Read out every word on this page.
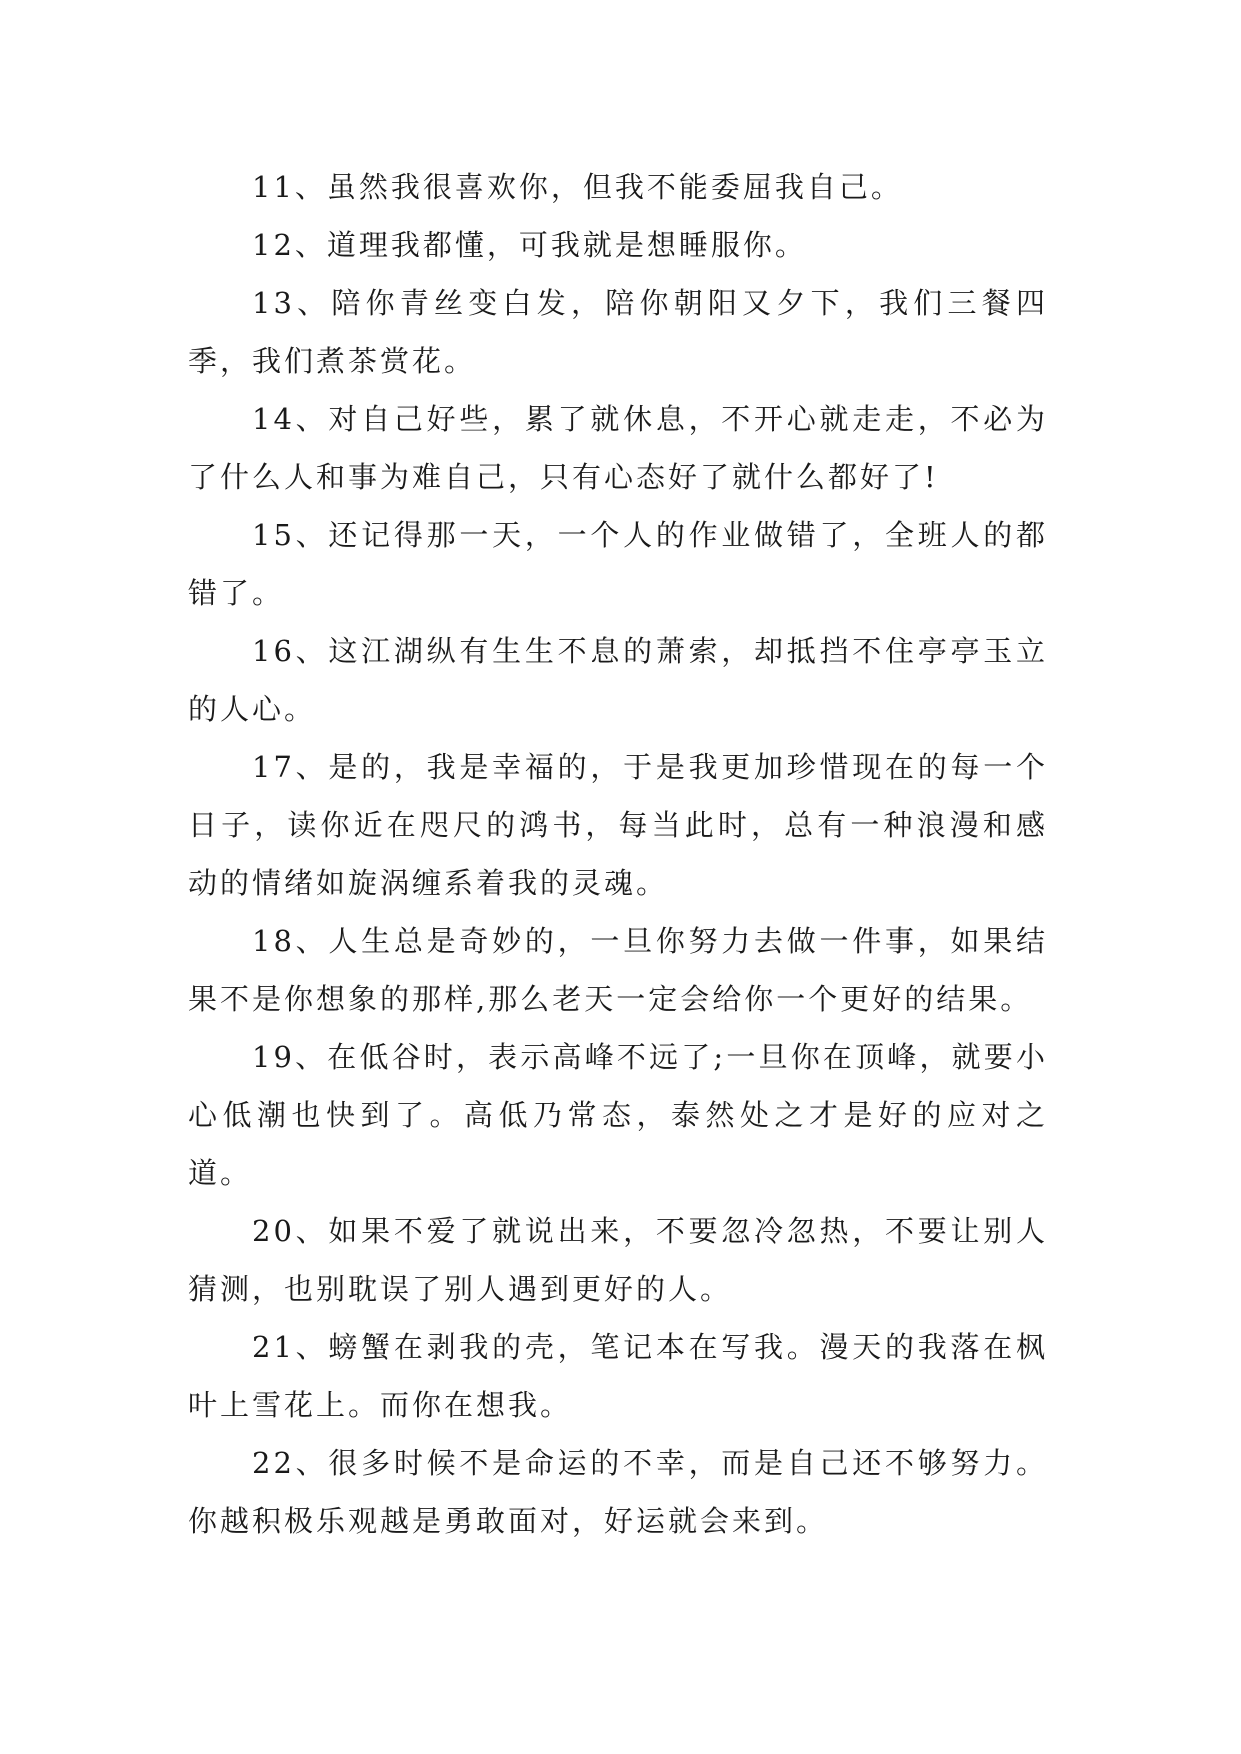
11、虽然我很喜欢你，但我不能委屈我自己。

12、道理我都懂，可我就是想睡服你。

13、陪你青丝变白发，陪你朝阳又夕下，我们三餐四季，我们煮茶赏花。

14、对自己好些，累了就休息，不开心就走走，不必为了什么人和事为难自己，只有心态好了就什么都好了!

15、还记得那一天，一个人的作业做错了，全班人的都错了。

16、这江湖纵有生生不息的萧索，却抵挡不住亭亭玉立的人心。

17、是的，我是幸福的，于是我更加珍惜现在的每一个日子，读你近在咫尺的鸿书，每当此时，总有一种浪漫和感动的情绪如旋涡缠系着我的灵魂。

18、人生总是奇妙的，一旦你努力去做一件事，如果结果不是你想象的那样,那么老天一定会给你一个更好的结果。

19、在低谷时，表示高峰不远了;一旦你在顶峰，就要小心低潮也快到了。高低乃常态，泰然处之才是好的应对之道。

20、如果不爱了就说出来，不要忽冷忽热，不要让别人猜测，也别耽误了别人遇到更好的人。

21、螃蟹在剥我的壳，笔记本在写我。漫天的我落在枫叶上雪花上。而你在想我。

22、很多时候不是命运的不幸，而是自己还不够努力。你越积极乐观越是勇敢面对，好运就会来到。
